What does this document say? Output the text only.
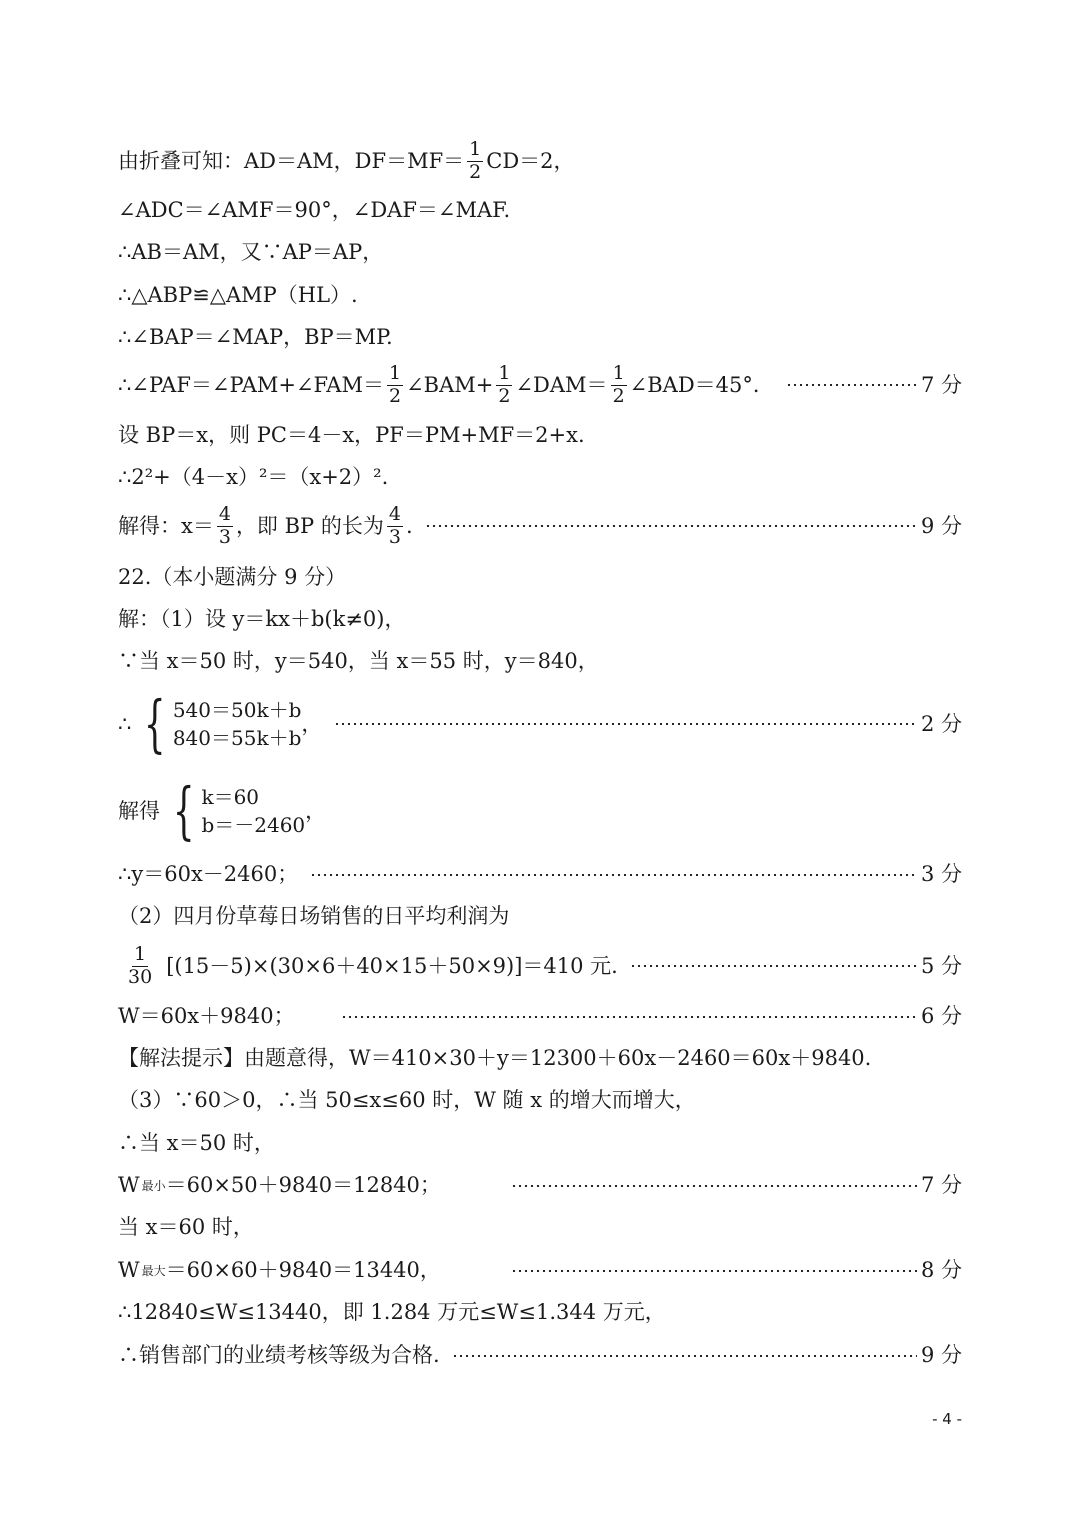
由折叠可知：AD＝AM，$DF=MF= \frac{1}{2} CD=2$，
∠ADC＝∠AMF＝90°，∠DAF＝∠MAF.
∴AB＝AM，又∵AP＝AP，
∴△ABP≌△AMP（HL）.
∴∠BAP＝∠MAP，BP＝MP.
∴∠PAF＝∠PAM+∠FAM＝ $\frac{1}{2}$ ∠BAM+ $\frac{1}{2}$ ∠DAM＝ $\frac{1}{2}$ ∠BAD＝45°．	7 分
设 BP＝x，则 PC＝4－x，PF＝PM+MF＝2+x.
∴2²+（4－x）²＝（x+2）².
解得：$x= \frac{4}{3}$ ，即 BP 的长为 $\frac{4}{3}$ .	9 分
22.（本小题满分 9 分）
解：（1）设 y＝kx＋b(k≠0)，
∵当 x＝50 时，y＝540，当 x＝55 时，y＝840，
∴ { 540＝50k＋b
840＝55k＋b
，	2 分
解得 { k＝60
b＝－2460
，
∴y＝60x－2460；	3 分
（2）四月份草莓日场销售的日平均利润为
$\frac{1}{30} [(15-5)\times(30\times 6+40\times 15+50\times 9)]=410$ 元.	5 分
W＝60x＋9840；	6 分
【解法提示】由题意得，W＝410×30＋y＝12300＋60x－2460＝60x＋9840.
（3）∵60＞0，∴当 50≤x≤60 时，W 随 x 的增大而增大，
∴当 x＝50 时，
W 最小 ＝60×50＋9840＝12840；	7 分
当 x＝60 时，
W 最大 ＝60×60＋9840＝13440，	8 分
∴12840≤W≤13440，即 1.284 万元≤W≤1.344 万元，
∴销售部门的业绩考核等级为合格.	9 分
- 4 -
